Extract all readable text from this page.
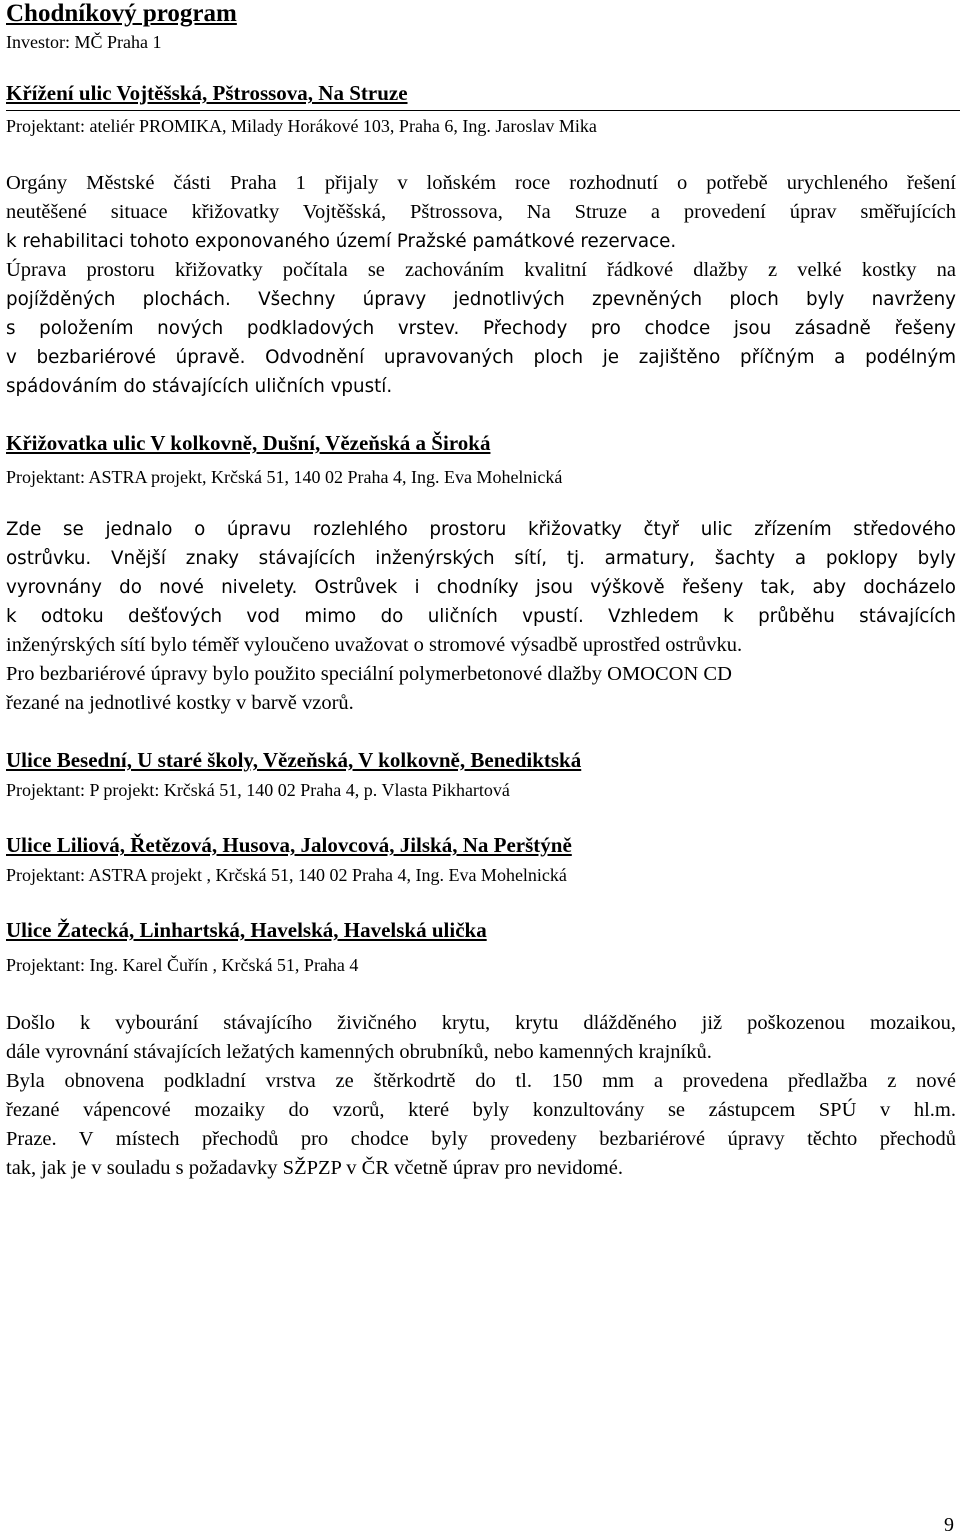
Chodníkový program
Investor: MČ Praha 1
Křížení ulic Vojtěšská, Pštrossova, Na Struze
Projektant: ateliér PROMIKA, Milady Horákové 103, Praha 6, Ing. Jaroslav Mika
Orgány Městské části Praha 1 přijaly v loňském roce rozhodnutí o potřebě urychleného řešení
neutěšené situace křižovatky Vojtěšská, Pštrossova, Na Struze a provedení úprav směřujících
k rehabilitaci tohoto exponovaného území Pražské památkové rezervace.
Úprava prostoru křižovatky počítala se zachováním kvalitní řádkové dlažby z velké kostky na
pojížděných plochách. Všechny úpravy jednotlivých zpevněných ploch byly navrženy
s položením nových podkladových vrstev. Přechody pro chodce jsou zásadně řešeny
v bezbariérové úpravě. Odvodnění upravovaných ploch je zajištěno příčným a podélným
spádováním do stávajících uličních vpustí.
Křižovatka ulic V kolkovně, Dušní, Vězeňská a Široká
Projektant: ASTRA projekt, Krčská 51, 140 02 Praha 4, Ing. Eva Mohelnická
Zde se jednalo o úpravu rozlehlého prostoru křižovatky čtyř ulic zřízením středového
ostrůvku. Vnější znaky stávajících inženýrských sítí, tj. armatury, šachty a poklopy byly
vyrovnány do nové nivelety. Ostrůvek i chodníky jsou výškově řešeny tak, aby docházelo
k odtoku dešťových vod mimo do uličních vpustí. Vzhledem k průběhu stávajících
inženýrských sítí bylo téměř vyloučeno uvažovat o stromové výsadbě uprostřed ostrůvku.
Pro bezbariérové úpravy bylo použito speciální polymerbetonové dlažby OMOCON CD
řezané na jednotlivé kostky v barvě vzorů.
Ulice Besední, U staré školy, Vězeňská, V kolkovně, Benediktská
Projektant: P projekt: Krčská 51, 140 02 Praha 4, p. Vlasta Pikhartová
Ulice Liliová, Řetězová, Husova, Jalovcová, Jilská, Na Perštýně
Projektant: ASTRA projekt , Krčská 51, 140 02 Praha 4, Ing. Eva Mohelnická
Ulice Žatecká, Linhartská, Havelská, Havelská ulička
Projektant: Ing. Karel Čuřín , Krčská 51, Praha 4
Došlo k vybourání stávajícího živičného krytu, krytu dlážděného již poškozenou mozaikou,
dále vyrovnání stávajících ležatých kamenných obrubníků, nebo kamenných krajníků.
Byla obnovena podkladní vrstva ze štěrkodrtě do tl. 150 mm a provedena předlažba z nové
řezané vápencové mozaiky do vzorů, které byly konzultovány se zástupcem SPÚ v hl.m.
Praze. V místech přechodů pro chodce byly provedeny bezbariérové úpravy těchto přechodů
tak, jak je v souladu s požadavky SŽPZP v ČR včetně úprav pro nevidomé.
9
